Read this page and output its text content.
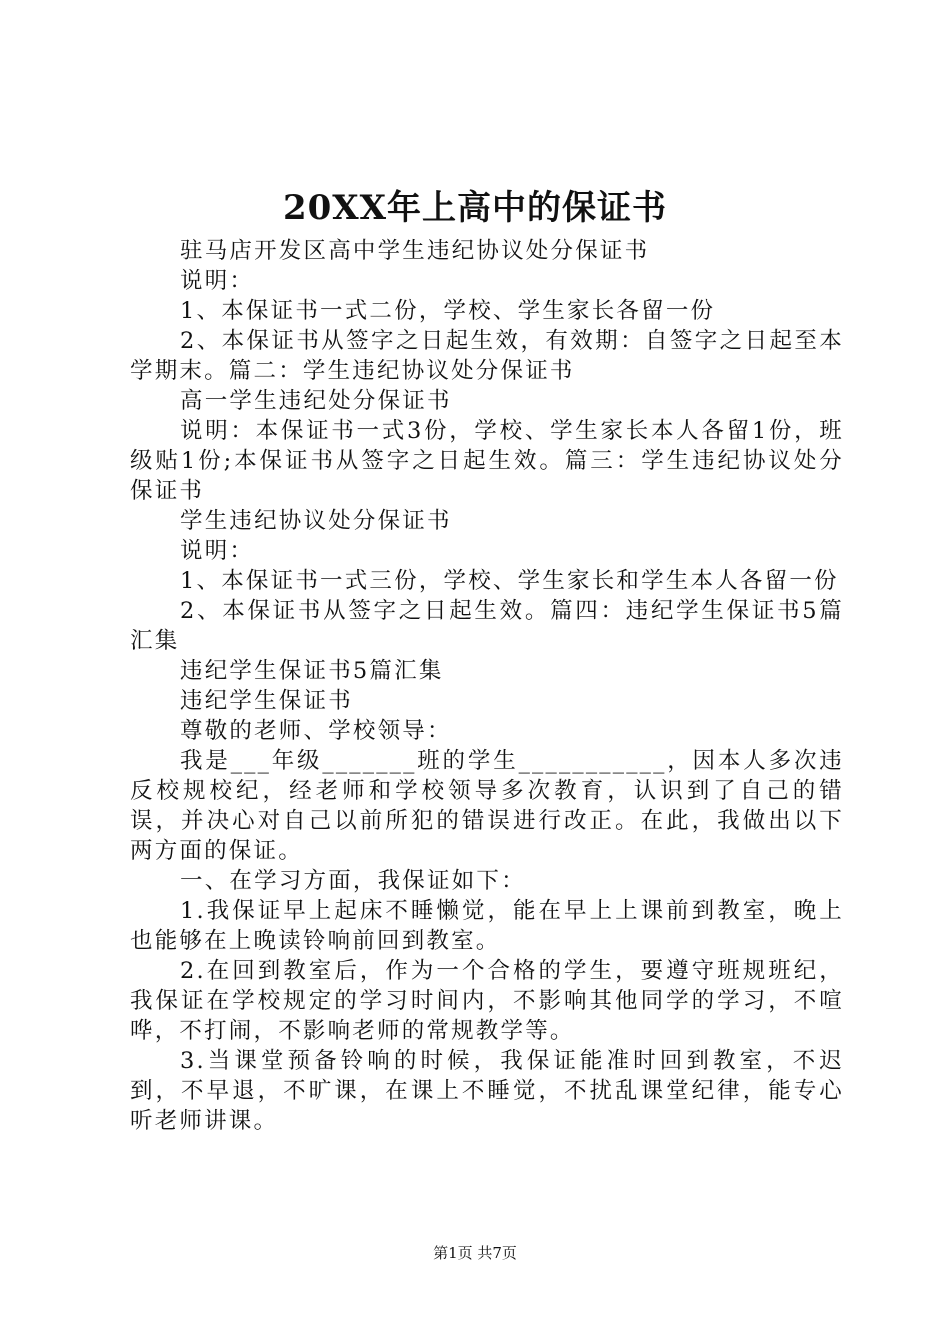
20XX年上高中的保证书

驻马店开发区高中学生违纪协议处分保证书

说明：

1、本保证书一式二份，学校、学生家长各留一份

2、本保证书从签字之日起生效，有效期：自签字之日起至本学期末。篇二：学生违纪协议处分保证书

高一学生违纪处分保证书

说明：本保证书一式3份，学校、学生家长本人各留1份，班级贴1份;本保证书从签字之日起生效。篇三：学生违纪协议处分保证书

学生违纪协议处分保证书

说明：

1、本保证书一式三份，学校、学生家长和学生本人各留一份

2、本保证书从签字之日起生效。篇四：违纪学生保证书5篇汇集

违纪学生保证书5篇汇集

违纪学生保证书

尊敬的老师、学校领导：

我是___年级_______班的学生___________，因本人多次违反校规校纪，经老师和学校领导多次教育，认识到了自己的错误，并决心对自己以前所犯的错误进行改正。在此，我做出以下两方面的保证。

一、在学习方面，我保证如下：

1.我保证早上起床不睡懒觉，能在早上上课前到教室，晚上也能够在上晚读铃响前回到教室。

2.在回到教室后，作为一个合格的学生，要遵守班规班纪，我保证在学校规定的学习时间内，不影响其他同学的学习，不喧哗，不打闹，不影响老师的常规教学等。

3.当课堂预备铃响的时候，我保证能准时回到教室，不迟到，不早退，不旷课，在课上不睡觉，不扰乱课堂纪律，能专心听老师讲课。

第1页 共7页
